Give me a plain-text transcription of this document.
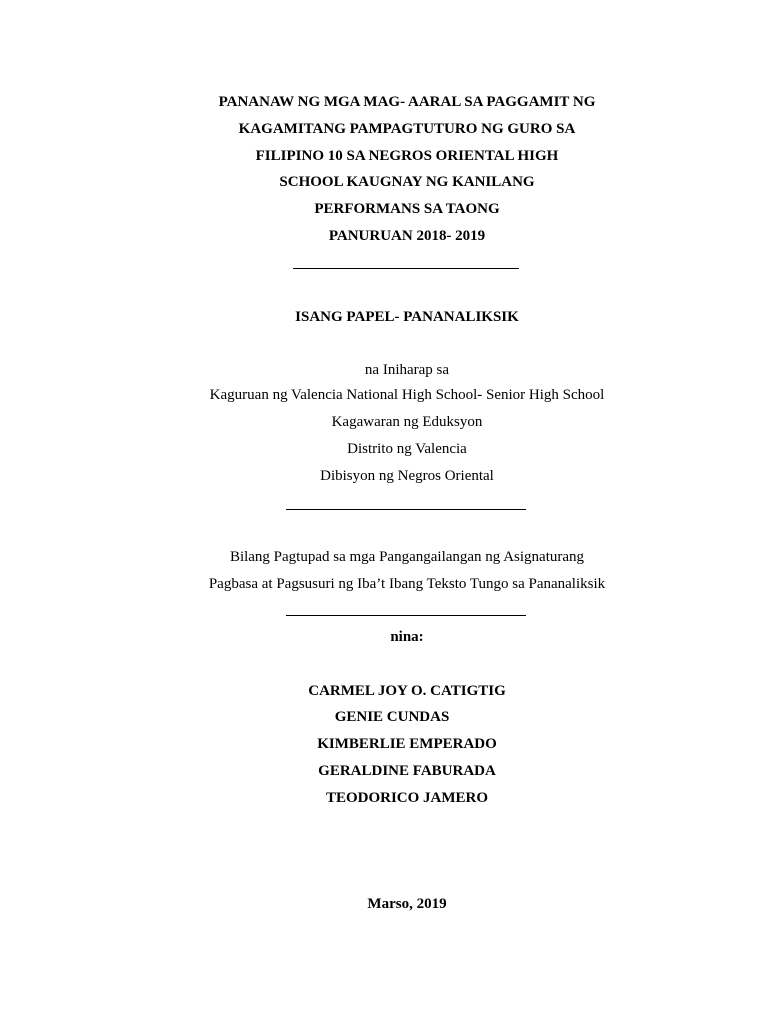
PANANAW NG MGA MAG- AARAL SA PAGGAMIT NG
KAGAMITANG PAMPAGTUTURO NG GURO SA
FILIPINO 10 SA NEGROS ORIENTAL HIGH
SCHOOL KAUGNAY NG KANILANG
PERFORMANS SA TAONG
PANURUAN 2018- 2019
ISANG PAPEL- PANANALIKSIK
na Iniharap sa
Kaguruan ng Valencia National High School- Senior High School
Kagawaran ng Eduksyon
Distrito ng Valencia
Dibisyon ng Negros Oriental
Bilang Pagtupad sa mga Pangangailangan ng Asignaturang
Pagbasa at Pagsusuri ng Iba’t Ibang Teksto Tungo sa Pananaliksik
nina:
CARMEL JOY O. CATIGTIG
GENIE CUNDAS
KIMBERLIE EMPERADO
GERALDINE FABURADA
TEODORICO JAMERO
Marso, 2019
